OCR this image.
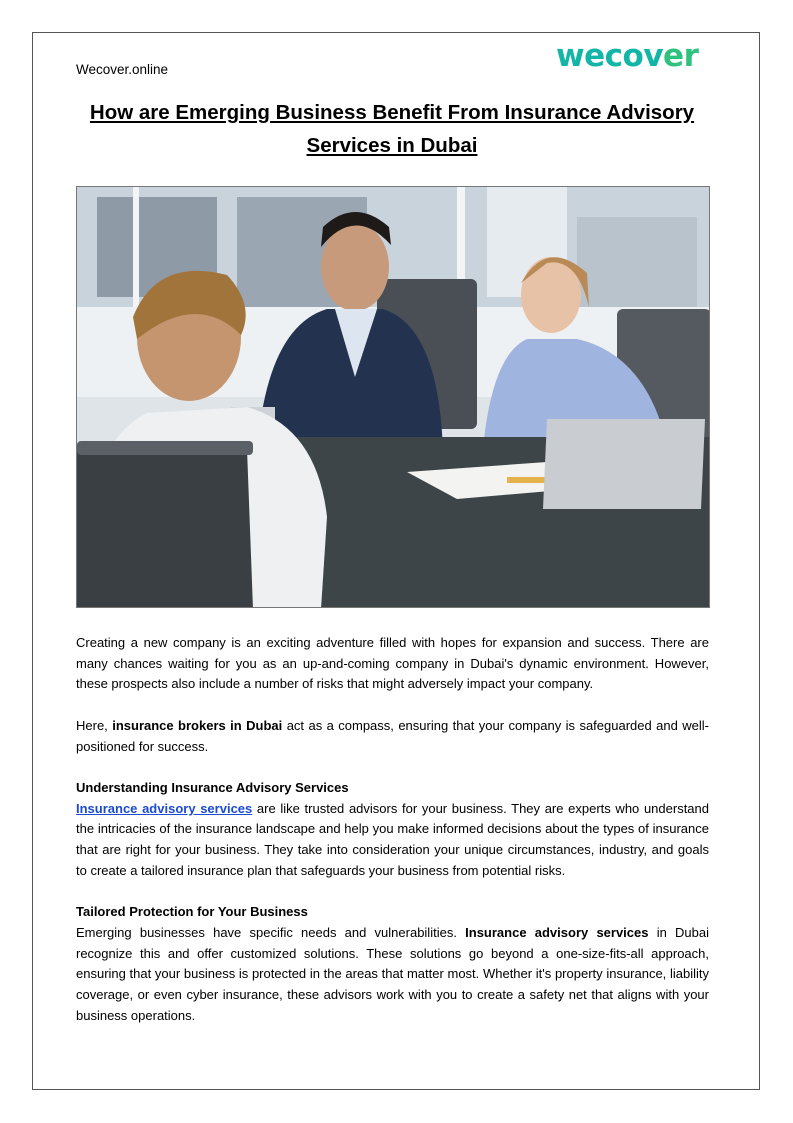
Wecover.online	wecover
How are Emerging Business Benefit From Insurance Advisory Services in Dubai

Creating a new company is an exciting adventure filled with hopes for expansion and success. There are many chances waiting for you as an up-and-coming company in Dubai's dynamic environment. However, these prospects also include a number of risks that might adversely impact your company.

Here, insurance brokers in Dubai act as a compass, ensuring that your company is safeguarded and well-positioned for success.

Understanding Insurance Advisory Services

Insurance advisory services are like trusted advisors for your business. They are experts who understand the intricacies of the insurance landscape and help you make informed decisions about the types of insurance that are right for your business. They take into consideration your unique circumstances, industry, and goals to create a tailored insurance plan that safeguards your business from potential risks.

Tailored Protection for Your Business

Emerging businesses have specific needs and vulnerabilities. Insurance advisory services in Dubai recognize this and offer customized solutions. These solutions go beyond a one-size-fits-all approach, ensuring that your business is protected in the areas that matter most. Whether it's property insurance, liability coverage, or even cyber insurance, these advisors work with you to create a safety net that aligns with your business operations.
